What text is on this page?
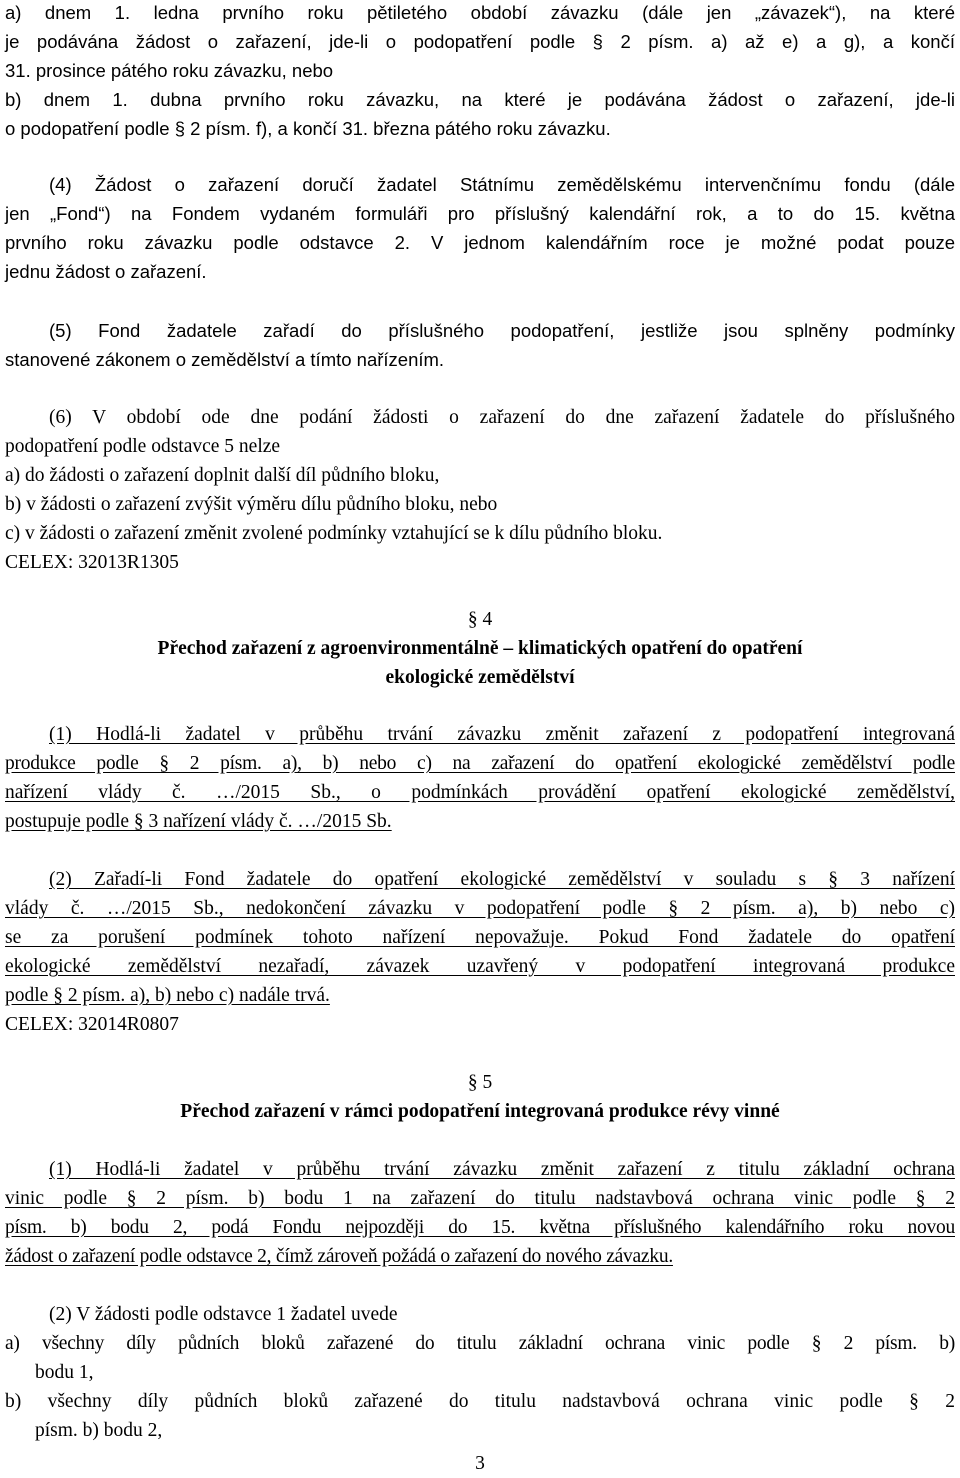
a) dnem 1. ledna prvního roku pětiletého období závazku (dále jen „závazek“), na které
je podávána žádost o zařazení, jde-li o podopatření podle § 2 písm. a) až e) a g), a končí
31. prosince pátého roku závazku, nebo
b) dnem 1. dubna prvního roku závazku, na které je podávána žádost o zařazení, jde-li
o podopatření podle § 2 písm. f), a končí 31. března pátého roku závazku.
(4) Žádost o zařazení doručí žadatel Státnímu zemědělskému intervenčnímu fondu (dále
jen „Fond“) na Fondem vydaném formuláři pro příslušný kalendářní rok, a to do 15. května
prvního roku závazku podle odstavce 2. V jednom kalendářním roce je možné podat pouze
jednu žádost o zařazení.
(5) Fond žadatele zařadí do příslušného podopatření, jestliže jsou splněny podmínky
stanovené zákonem o zemědělství a tímto nařízením.
(6) V období ode dne podání žádosti o zařazení do dne zařazení žadatele do příslušného
podopatření podle odstavce 5 nelze
a) do žádosti o zařazení doplnit další díl půdního bloku,
b) v žádosti o zařazení zvýšit výměru dílu půdního bloku, nebo
c) v žádosti o zařazení změnit zvolené podmínky vztahující se k dílu půdního bloku.
CELEX: 32013R1305
§ 4
Přechod zařazení z agroenvironmentálně – klimatických opatření do opatření
ekologické zemědělství
(1) Hodlá-li žadatel v průběhu trvání závazku změnit zařazení z podopatření integrovaná
produkce podle § 2 písm. a), b) nebo c) na zařazení do opatření ekologické zemědělství podle
nařízení vlády č. …/2015 Sb., o podmínkách provádění opatření ekologické zemědělství,
postupuje podle § 3 nařízení vlády č. …/2015 Sb.
(2) Zařadí-li Fond žadatele do opatření ekologické zemědělství v souladu s § 3 nařízení
vlády č. …/2015 Sb., nedokončení závazku v podopatření podle § 2 písm. a), b) nebo c)
se za porušení podmínek tohoto nařízení nepovažuje. Pokud Fond žadatele do opatření
ekologické zemědělství nezařadí, závazek uzavřený v podopatření integrovaná produkce
podle § 2 písm. a), b) nebo c) nadále trvá.
CELEX: 32014R0807
§ 5
Přechod zařazení v rámci podopatření integrovaná produkce révy vinné
(1) Hodlá-li žadatel v průběhu trvání závazku změnit zařazení z titulu základní ochrana
vinic podle § 2 písm. b) bodu 1 na zařazení do titulu nadstavbová ochrana vinic podle § 2
písm. b) bodu 2, podá Fondu nejpozději do 15. května příslušného kalendářního roku novou
žádost o zařazení podle odstavce 2, čímž zároveň požádá o zařazení do nového závazku.
(2) V žádosti podle odstavce 1 žadatel uvede
a) všechny díly půdních bloků zařazené do titulu základní ochrana vinic podle § 2 písm. b)
bodu 1,
b) všechny díly půdních bloků zařazené do titulu nadstavbová ochrana vinic podle § 2
písm. b) bodu 2,
3
